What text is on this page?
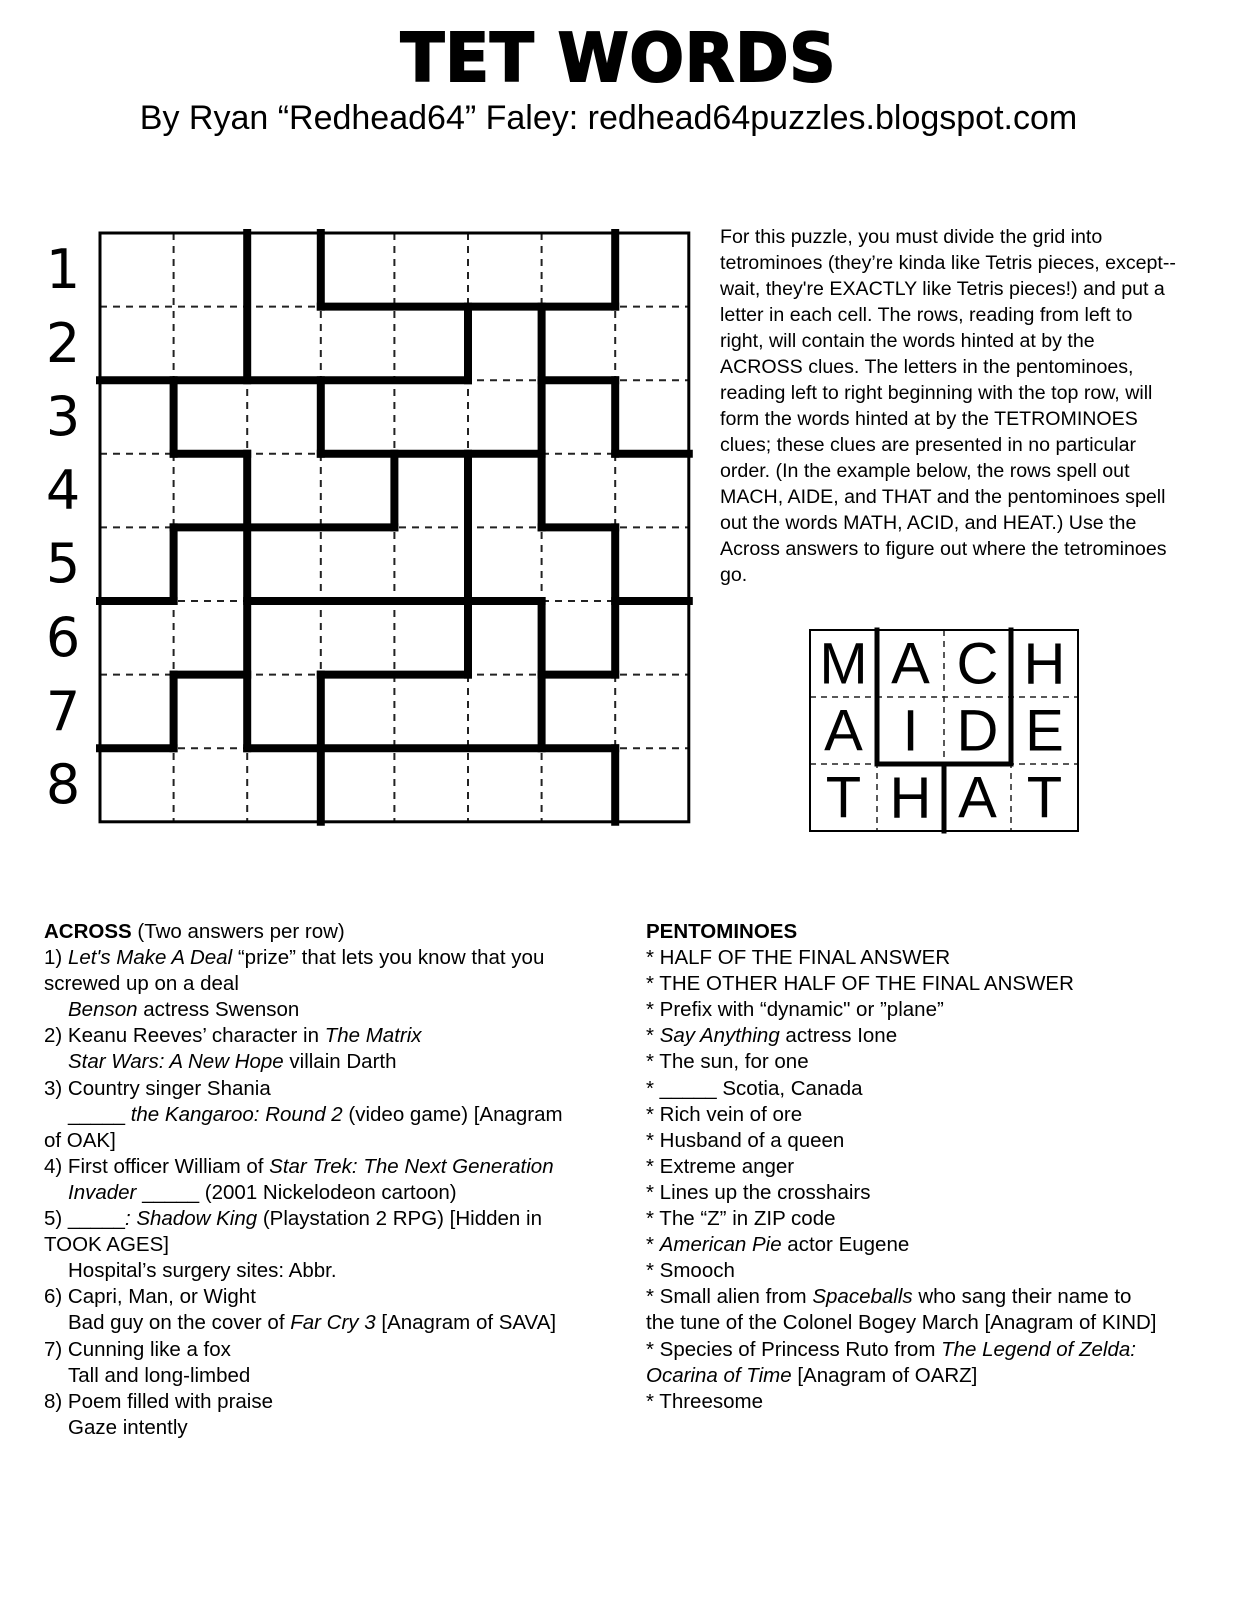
TET WORDS
By Ryan “Redhead64” Faley: redhead64puzzles.blogspot.com
1
2
3
4
5
6
7
8
For this puzzle, you must divide the grid into tetrominoes (they’re kinda like Tetris pieces, except-- wait, they're EXACTLY like Tetris pieces!) and put a letter in each cell. The rows, reading from left to right, will contain the words hinted at by the ACROSS clues. The letters in the pentominoes, reading left to right beginning with the top row, will form the words hinted at by the TETROMINOES clues; these clues are presented in no particular order. (In the example below, the rows spell out MACH, AIDE, and THAT and the pentominoes spell out the words MATH, ACID, and HEAT.) Use the Across answers to figure out where the tetrominoes go.
M A C H
A I D E
T H A T
ACROSS (Two answers per row)
1) Let's Make A Deal “prize” that lets you know that you
screwed up on a deal
Benson actress Swenson
2) Keanu Reeves’ character in The Matrix
Star Wars: A New Hope villain Darth
3) Country singer Shania
_____ the Kangaroo: Round 2 (video game) [Anagram
of OAK]
4) First officer William of Star Trek: The Next Generation
Invader _____ (2001 Nickelodeon cartoon)
5) _____: Shadow King (Playstation 2 RPG) [Hidden in
TOOK AGES]
Hospital’s surgery sites: Abbr.
6) Capri, Man, or Wight
Bad guy on the cover of Far Cry 3 [Anagram of SAVA]
7) Cunning like a fox
Tall and long-limbed
8) Poem filled with praise
Gaze intently
PENTOMINOES
* HALF OF THE FINAL ANSWER
* THE OTHER HALF OF THE FINAL ANSWER
* Prefix with “dynamic" or ”plane”
* Say Anything actress Ione
* The sun, for one
* _____ Scotia, Canada
* Rich vein of ore
* Husband of a queen
* Extreme anger
* Lines up the crosshairs
* The “Z” in ZIP code
* American Pie actor Eugene
* Smooch
* Small alien from Spaceballs who sang their name to
the tune of the Colonel Bogey March [Anagram of KIND]
* Species of Princess Ruto from The Legend of Zelda:
Ocarina of Time [Anagram of OARZ]
* Threesome
